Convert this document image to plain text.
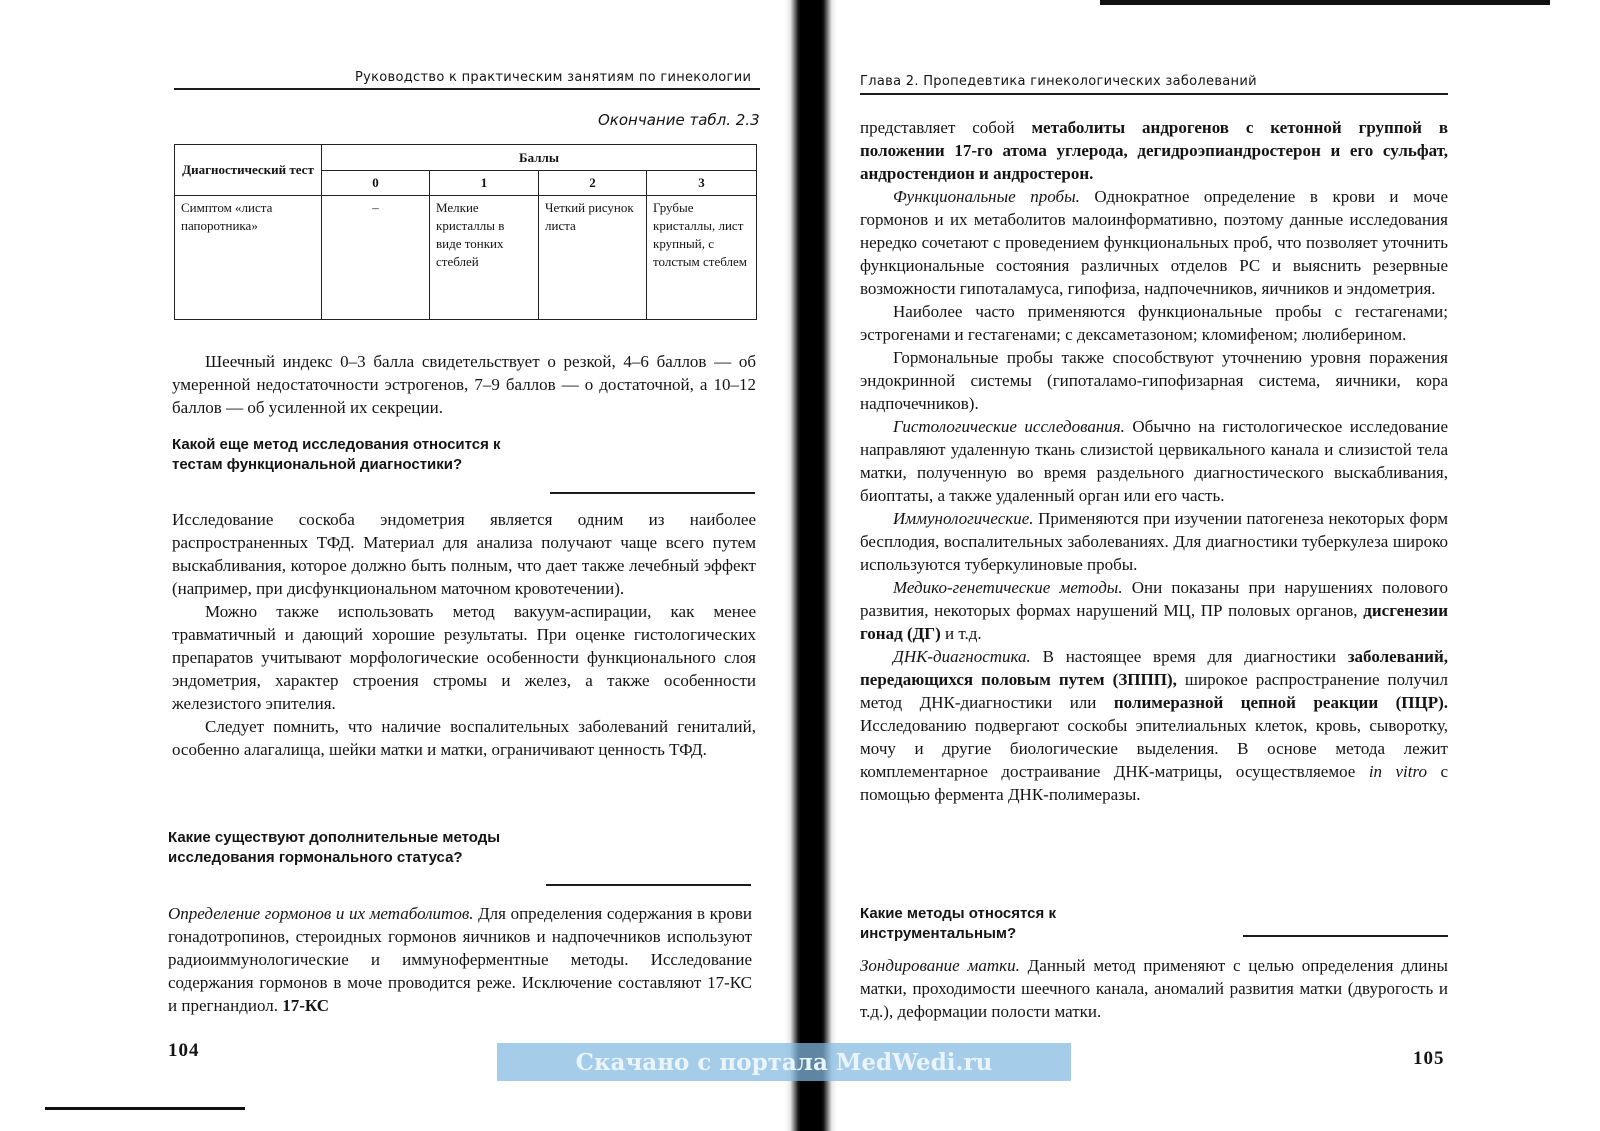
Руководство к практическим занятиям по гинекологии
Окончание табл. 2.3
Диагностический тест	Баллы			
	0	1	2	3
Симптом «листа папоротника»	–	Мелкие кристаллы в виде тонких стеблей	Четкий рисунок листа	Грубые кристаллы, лист крупный, с толстым стеблем

Шеечный индекс 0–3 балла свидетельствует о резкой, 4–6 баллов — об умеренной недостаточности эстрогенов, 7–9 баллов — о достаточной, а 10–12 баллов — об усиленной их секреции.

Какой еще метод исследования относится к тестам функциональной диагностики?

Исследование соскоба эндометрия является одним из наиболее распространенных ТФД. Материал для анализа получают чаще всего путем выскабливания, которое должно быть полным, что дает также лечебный эффект (например, при дисфункциональном маточном кровотечении).

Можно также использовать метод вакуум-аспирации, как менее травматичный и дающий хорошие результаты. При оценке гистологических препаратов учитывают морфологические особенности функционального слоя эндометрия, характер строения стромы и желез, а также особенности железистого эпителия.

Следует помнить, что наличие воспалительных заболеваний гениталий, особенно алагалища, шейки матки и матки, ограничивают ценность ТФД.

Какие существуют дополнительные методы исследования гормонального статуса?

Определение гормонов и их метаболитов. Для определения содержания в крови гонадотропинов, стероидных гормонов яичников и надпочечников используют радиоиммунологические и иммуноферментные методы. Исследование содержания гормонов в моче проводится реже. Исключение составляют 17-КС и прегнандиол. 17-КС

104
Глава 2. Пропедевтика гинекологических заболеваний

представляет собой метаболиты андрогенов с кетонной группой в положении 17-го атома углерода, дегидроэпиандростерон и его сульфат, андростендион и андростерон.

Функциональные пробы. Однократное определение в крови и моче гормонов и их метаболитов малоинформативно, поэтому данные исследования нередко сочетают с проведением функциональных проб, что позволяет уточнить функциональные состояния различных отделов РС и выяснить резервные возможности гипоталамуса, гипофиза, надпочечников, яичников и эндометрия.

Наиболее часто применяются функциональные пробы с гестагенами; эстрогенами и гестагенами; с дексаметазоном; кломифеном; люлиберином.

Гормональные пробы также способствуют уточнению уровня поражения эндокринной системы (гипоталамо-гипофизарная система, яичники, кора надпочечников).

Гистологические исследования. Обычно на гистологическое исследование направляют удаленную ткань слизистой цервикального канала и слизистой тела матки, полученную во время раздельного диагностического выскабливания, биоптаты, а также удаленный орган или его часть.

Иммунологические. Применяются при изучении патогенеза некоторых форм бесплодия, воспалительных заболеваниях. Для диагностики туберкулеза широко используются туберкулиновые пробы.

Медико-генетические методы. Они показаны при нарушениях полового развития, некоторых формах нарушений МЦ, ПР половых органов, дисгенезии гонад (ДГ) и т.д.

ДНК-диагностика. В настоящее время для диагностики заболеваний, передающихся половым путем (ЗППП), широкое распространение получил метод ДНК-диагностики или полимеразной цепной реакции (ПЦР). Исследованию подвергают соскобы эпителиальных клеток, кровь, сыворотку, мочу и другие биологические выделения. В основе метода лежит комплементарное достраивание ДНК-матрицы, осуществляемое in vitro с помощью фермента ДНК-полимеразы.

Какие методы относятся к инструментальным?

Зондирование матки. Данный метод применяют с целью определения длины матки, проходимости шеечного канала, аномалий развития матки (двурогость и т.д.), деформации полости матки.

105
Скачано с портала MedWedi.ru
